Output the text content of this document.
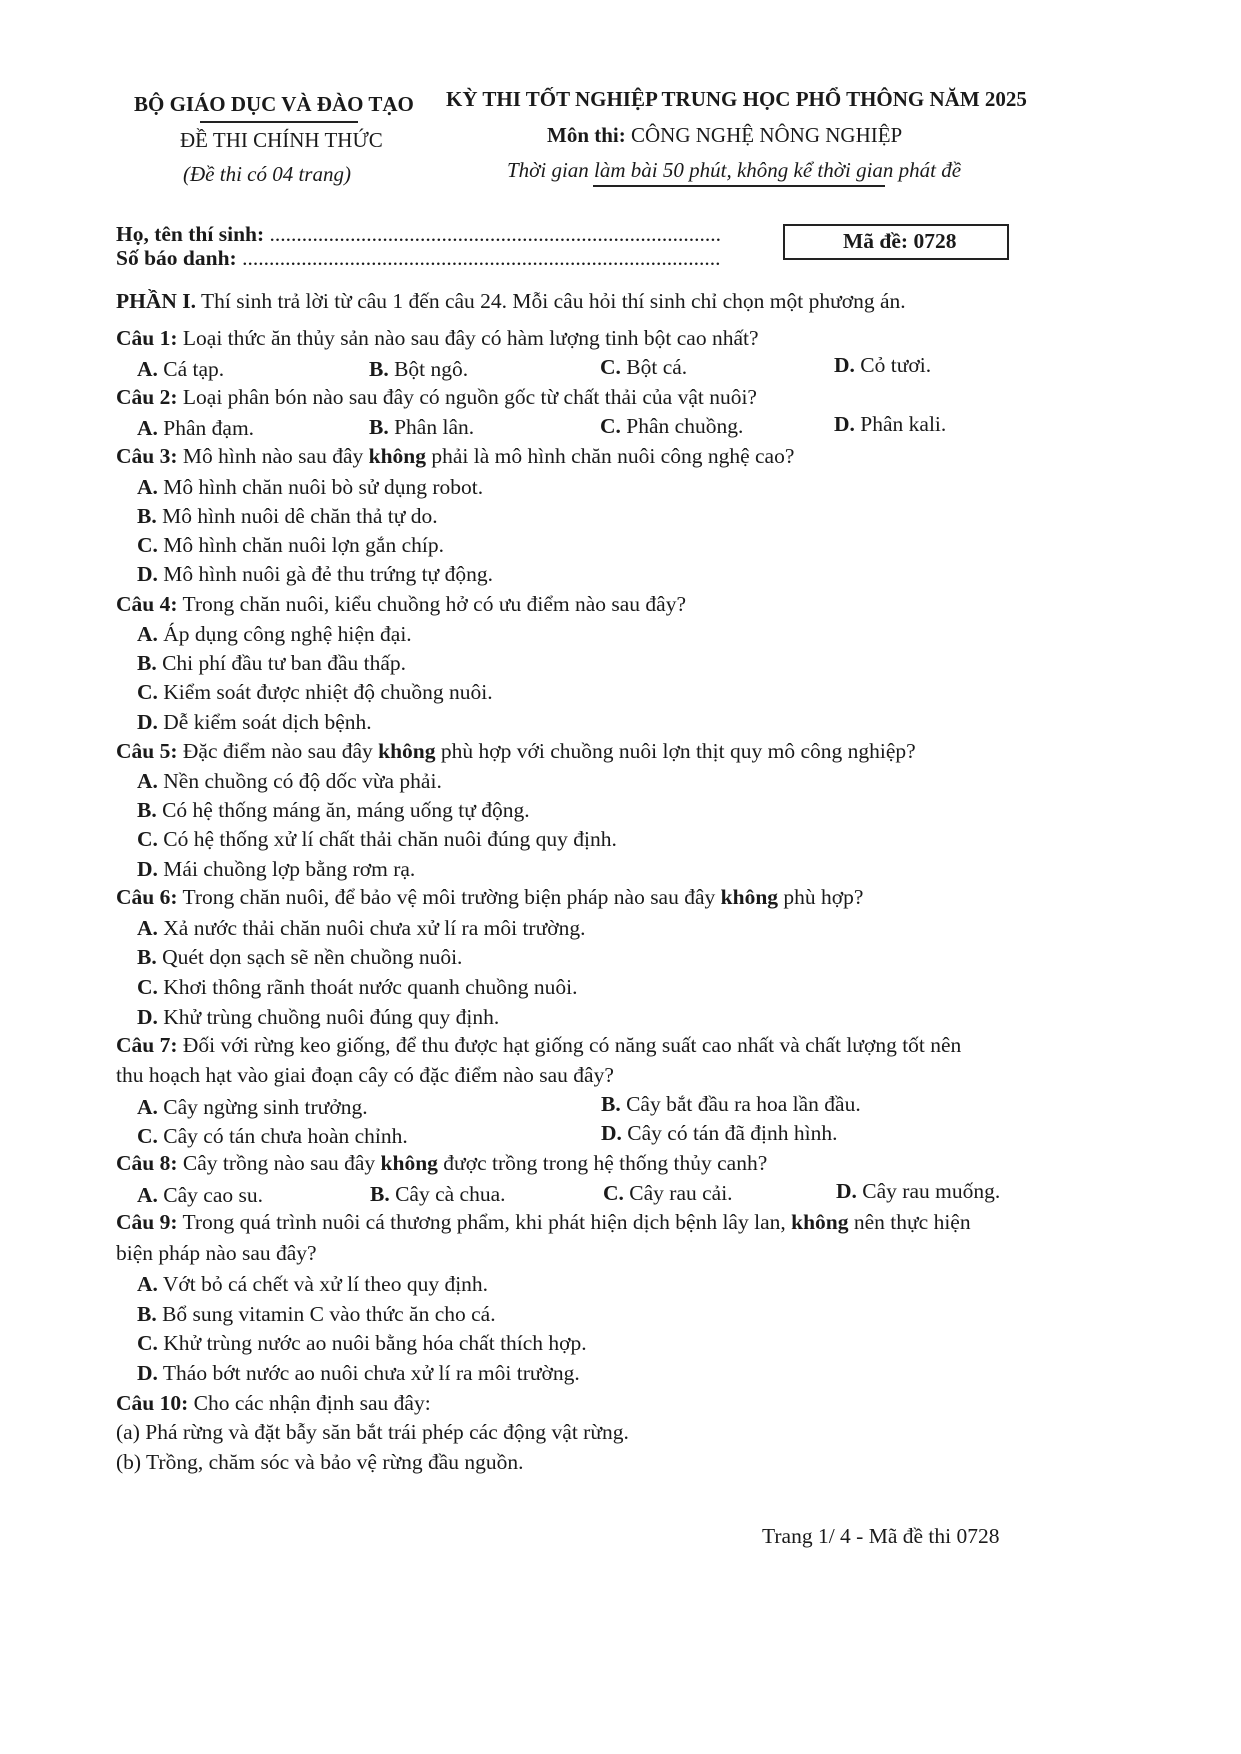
BỘ GIÁO DỤC VÀ ĐÀO TẠO
ĐỀ THI CHÍNH THỨC
(Đề thi có 04 trang)
KỲ THI TỐT NGHIỆP TRUNG HỌC PHỔ THÔNG NĂM 2025
Môn thi: CÔNG NGHỆ NÔNG NGHIỆP
Thời gian làm bài 50 phút, không kể thời gian phát đề
Họ, tên thí sinh: ....................................................................................
Số báo danh: .........................................................................................
Mã đề: 0728
PHẦN I. Thí sinh trả lời từ câu 1 đến câu 24. Mỗi câu hỏi thí sinh chỉ chọn một phương án.
Câu 1: Loại thức ăn thủy sản nào sau đây có hàm lượng tinh bột cao nhất?
A. Cá tạp.	B. Bột ngô.	C. Bột cá.	D. Cỏ tươi.
Câu 2: Loại phân bón nào sau đây có nguồn gốc từ chất thải của vật nuôi?
A. Phân đạm.	B. Phân lân.	C. Phân chuồng.	D. Phân kali.
Câu 3: Mô hình nào sau đây không phải là mô hình chăn nuôi công nghệ cao?
A. Mô hình chăn nuôi bò sử dụng robot.
B. Mô hình nuôi dê chăn thả tự do.
C. Mô hình chăn nuôi lợn gắn chíp.
D. Mô hình nuôi gà đẻ thu trứng tự động.
Câu 4: Trong chăn nuôi, kiểu chuồng hở có ưu điểm nào sau đây?
A. Áp dụng công nghệ hiện đại.
B. Chi phí đầu tư ban đầu thấp.
C. Kiểm soát được nhiệt độ chuồng nuôi.
D. Dễ kiểm soát dịch bệnh.
Câu 5: Đặc điểm nào sau đây không phù hợp với chuồng nuôi lợn thịt quy mô công nghiệp?
A. Nền chuồng có độ dốc vừa phải.
B. Có hệ thống máng ăn, máng uống tự động.
C. Có hệ thống xử lí chất thải chăn nuôi đúng quy định.
D. Mái chuồng lợp bằng rơm rạ.
Câu 6: Trong chăn nuôi, để bảo vệ môi trường biện pháp nào sau đây không phù hợp?
A. Xả nước thải chăn nuôi chưa xử lí ra môi trường.
B. Quét dọn sạch sẽ nền chuồng nuôi.
C. Khơi thông rãnh thoát nước quanh chuồng nuôi.
D. Khử trùng chuồng nuôi đúng quy định.
Câu 7: Đối với rừng keo giống, để thu được hạt giống có năng suất cao nhất và chất lượng tốt nên
thu hoạch hạt vào giai đoạn cây có đặc điểm nào sau đây?
A. Cây ngừng sinh trưởng.	B. Cây bắt đầu ra hoa lần đầu.
C. Cây có tán chưa hoàn chỉnh.	D. Cây có tán đã định hình.
Câu 8: Cây trồng nào sau đây không được trồng trong hệ thống thủy canh?
A. Cây cao su.	B. Cây cà chua.	C. Cây rau cải.	D. Cây rau muống.
Câu 9: Trong quá trình nuôi cá thương phẩm, khi phát hiện dịch bệnh lây lan, không nên thực hiện
biện pháp nào sau đây?
A. Vớt bỏ cá chết và xử lí theo quy định.
B. Bổ sung vitamin C vào thức ăn cho cá.
C. Khử trùng nước ao nuôi bằng hóa chất thích hợp.
D. Tháo bớt nước ao nuôi chưa xử lí ra môi trường.
Câu 10: Cho các nhận định sau đây:
(a) Phá rừng và đặt bẫy săn bắt trái phép các động vật rừng.
(b) Trồng, chăm sóc và bảo vệ rừng đầu nguồn.
Trang 1/ 4 - Mã đề thi 0728
